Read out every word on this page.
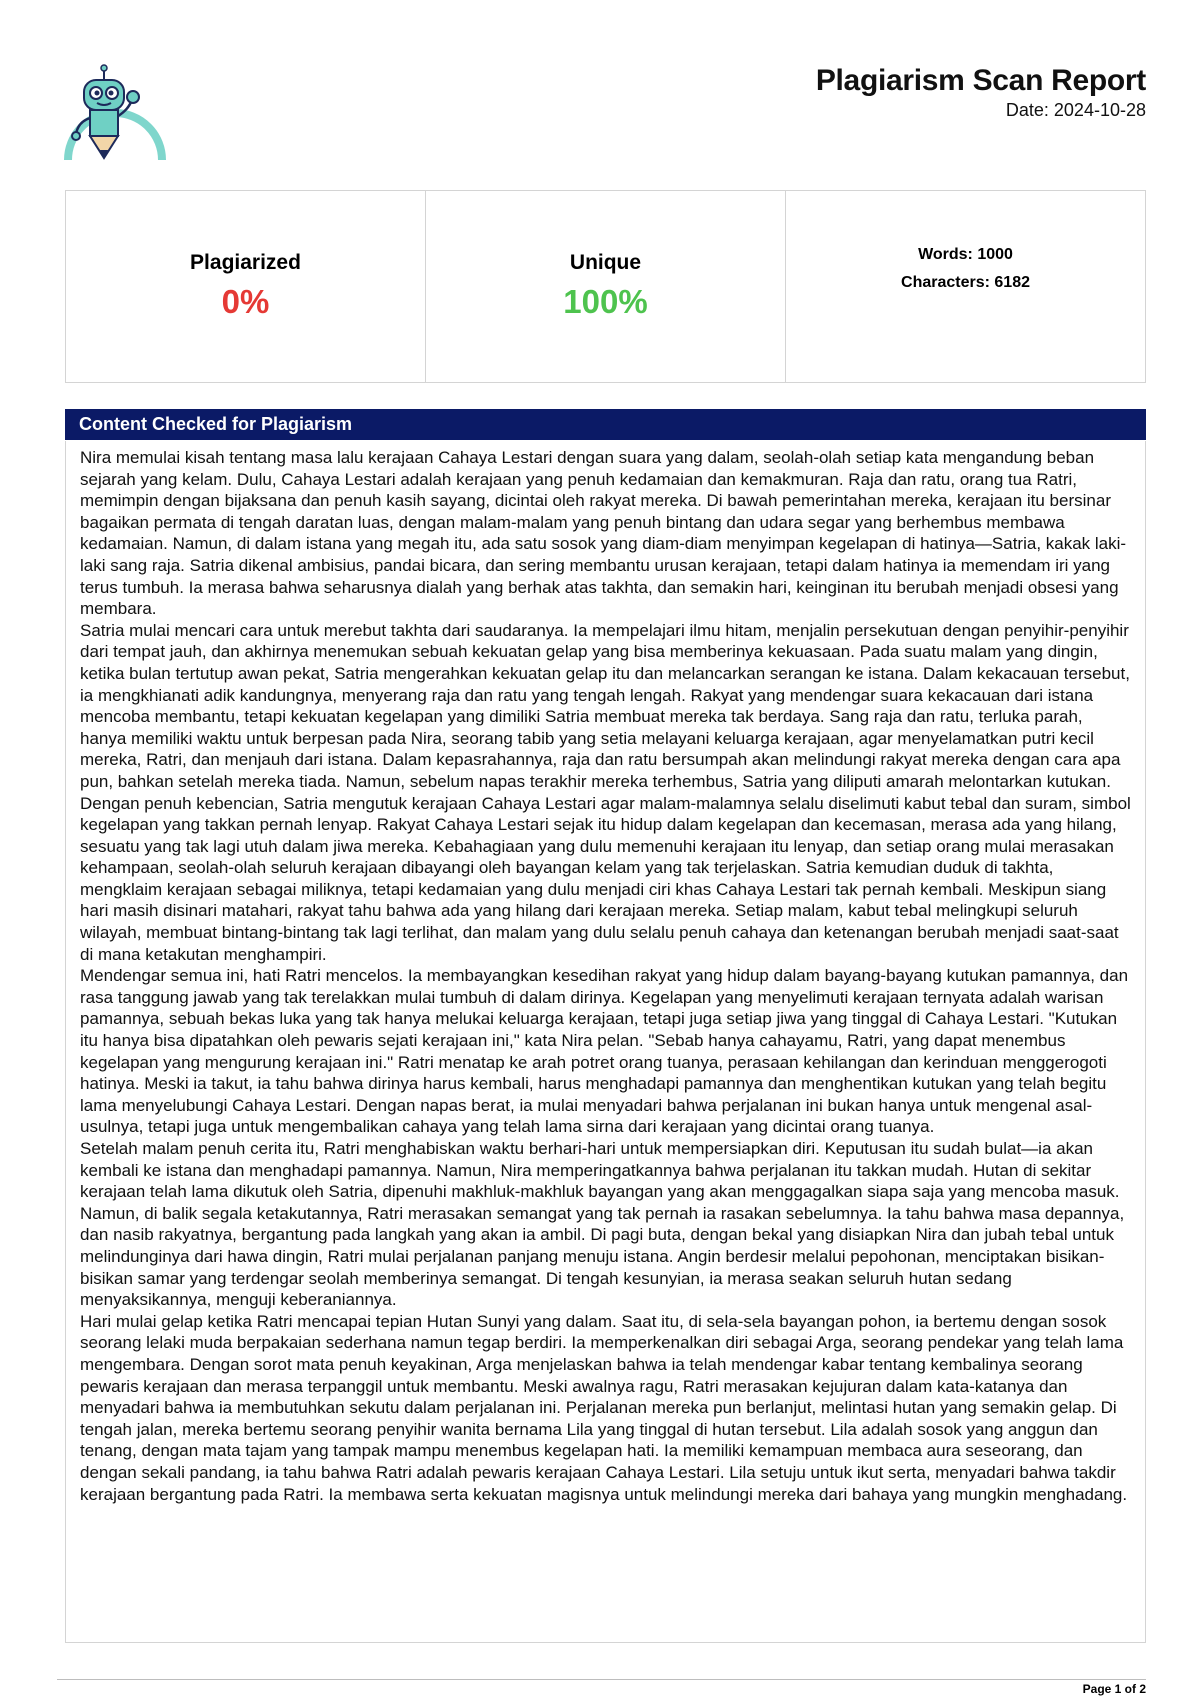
Plagiarism Scan Report
Date: 2024-10-28
Plagiarized
0%
Unique
100%
Words: 1000
Characters: 6182
Content Checked for Plagiarism

Nira memulai kisah tentang masa lalu kerajaan Cahaya Lestari dengan suara yang dalam, seolah-olah setiap kata mengandung beban sejarah yang kelam. Dulu, Cahaya Lestari adalah kerajaan yang penuh kedamaian dan kemakmuran. Raja dan ratu, orang tua Ratri, memimpin dengan bijaksana dan penuh kasih sayang, dicintai oleh rakyat mereka. Di bawah pemerintahan mereka, kerajaan itu bersinar bagaikan permata di tengah daratan luas, dengan malam-malam yang penuh bintang dan udara segar yang berhembus membawa kedamaian. Namun, di dalam istana yang megah itu, ada satu sosok yang diam-diam menyimpan kegelapan di hatinya—Satria, kakak laki-laki sang raja. Satria dikenal ambisius, pandai bicara, dan sering membantu urusan kerajaan, tetapi dalam hatinya ia memendam iri yang terus tumbuh. Ia merasa bahwa seharusnya dialah yang berhak atas takhta, dan semakin hari, keinginan itu berubah menjadi obsesi yang membara.

Satria mulai mencari cara untuk merebut takhta dari saudaranya. Ia mempelajari ilmu hitam, menjalin persekutuan dengan penyihir-penyihir dari tempat jauh, dan akhirnya menemukan sebuah kekuatan gelap yang bisa memberinya kekuasaan. Pada suatu malam yang dingin, ketika bulan tertutup awan pekat, Satria mengerahkan kekuatan gelap itu dan melancarkan serangan ke istana. Dalam kekacauan tersebut, ia mengkhianati adik kandungnya, menyerang raja dan ratu yang tengah lengah. Rakyat yang mendengar suara kekacauan dari istana mencoba membantu, tetapi kekuatan kegelapan yang dimiliki Satria membuat mereka tak berdaya. Sang raja dan ratu, terluka parah, hanya memiliki waktu untuk berpesan pada Nira, seorang tabib yang setia melayani keluarga kerajaan, agar menyelamatkan putri kecil mereka, Ratri, dan menjauh dari istana. Dalam kepasrahannya, raja dan ratu bersumpah akan melindungi rakyat mereka dengan cara apa pun, bahkan setelah mereka tiada. Namun, sebelum napas terakhir mereka terhembus, Satria yang diliputi amarah melontarkan kutukan. Dengan penuh kebencian, Satria mengutuk kerajaan Cahaya Lestari agar malam-malamnya selalu diselimuti kabut tebal dan suram, simbol kegelapan yang takkan pernah lenyap. Rakyat Cahaya Lestari sejak itu hidup dalam kegelapan dan kecemasan, merasa ada yang hilang, sesuatu yang tak lagi utuh dalam jiwa mereka. Kebahagiaan yang dulu memenuhi kerajaan itu lenyap, dan setiap orang mulai merasakan kehampaan, seolah-olah seluruh kerajaan dibayangi oleh bayangan kelam yang tak terjelaskan. Satria kemudian duduk di takhta, mengklaim kerajaan sebagai miliknya, tetapi kedamaian yang dulu menjadi ciri khas Cahaya Lestari tak pernah kembali. Meskipun siang hari masih disinari matahari, rakyat tahu bahwa ada yang hilang dari kerajaan mereka. Setiap malam, kabut tebal melingkupi seluruh wilayah, membuat bintang-bintang tak lagi terlihat, dan malam yang dulu selalu penuh cahaya dan ketenangan berubah menjadi saat-saat di mana ketakutan menghampiri.

Mendengar semua ini, hati Ratri mencelos. Ia membayangkan kesedihan rakyat yang hidup dalam bayang-bayang kutukan pamannya, dan rasa tanggung jawab yang tak terelakkan mulai tumbuh di dalam dirinya. Kegelapan yang menyelimuti kerajaan ternyata adalah warisan pamannya, sebuah bekas luka yang tak hanya melukai keluarga kerajaan, tetapi juga setiap jiwa yang tinggal di Cahaya Lestari. "Kutukan itu hanya bisa dipatahkan oleh pewaris sejati kerajaan ini," kata Nira pelan. "Sebab hanya cahayamu, Ratri, yang dapat menembus kegelapan yang mengurung kerajaan ini." Ratri menatap ke arah potret orang tuanya, perasaan kehilangan dan kerinduan menggerogoti hatinya. Meski ia takut, ia tahu bahwa dirinya harus kembali, harus menghadapi pamannya dan menghentikan kutukan yang telah begitu lama menyelubungi Cahaya Lestari. Dengan napas berat, ia mulai menyadari bahwa perjalanan ini bukan hanya untuk mengenal asal-usulnya, tetapi juga untuk mengembalikan cahaya yang telah lama sirna dari kerajaan yang dicintai orang tuanya.

Setelah malam penuh cerita itu, Ratri menghabiskan waktu berhari-hari untuk mempersiapkan diri. Keputusan itu sudah bulat—ia akan kembali ke istana dan menghadapi pamannya. Namun, Nira memperingatkannya bahwa perjalanan itu takkan mudah. Hutan di sekitar kerajaan telah lama dikutuk oleh Satria, dipenuhi makhluk-makhluk bayangan yang akan menggagalkan siapa saja yang mencoba masuk. Namun, di balik segala ketakutannya, Ratri merasakan semangat yang tak pernah ia rasakan sebelumnya. Ia tahu bahwa masa depannya, dan nasib rakyatnya, bergantung pada langkah yang akan ia ambil. Di pagi buta, dengan bekal yang disiapkan Nira dan jubah tebal untuk melindunginya dari hawa dingin, Ratri mulai perjalanan panjang menuju istana. Angin berdesir melalui pepohonan, menciptakan bisikan-bisikan samar yang terdengar seolah memberinya semangat. Di tengah kesunyian, ia merasa seakan seluruh hutan sedang menyaksikannya, menguji keberaniannya.

Hari mulai gelap ketika Ratri mencapai tepian Hutan Sunyi yang dalam. Saat itu, di sela-sela bayangan pohon, ia bertemu dengan sosok seorang lelaki muda berpakaian sederhana namun tegap berdiri. Ia memperkenalkan diri sebagai Arga, seorang pendekar yang telah lama mengembara. Dengan sorot mata penuh keyakinan, Arga menjelaskan bahwa ia telah mendengar kabar tentang kembalinya seorang pewaris kerajaan dan merasa terpanggil untuk membantu. Meski awalnya ragu, Ratri merasakan kejujuran dalam kata-katanya dan menyadari bahwa ia membutuhkan sekutu dalam perjalanan ini. Perjalanan mereka pun berlanjut, melintasi hutan yang semakin gelap. Di tengah jalan, mereka bertemu seorang penyihir wanita bernama Lila yang tinggal di hutan tersebut. Lila adalah sosok yang anggun dan tenang, dengan mata tajam yang tampak mampu menembus kegelapan hati. Ia memiliki kemampuan membaca aura seseorang, dan dengan sekali pandang, ia tahu bahwa Ratri adalah pewaris kerajaan Cahaya Lestari. Lila setuju untuk ikut serta, menyadari bahwa takdir kerajaan bergantung pada Ratri. Ia membawa serta kekuatan magisnya untuk melindungi mereka dari bahaya yang mungkin menghadang.

Page 1 of 2
